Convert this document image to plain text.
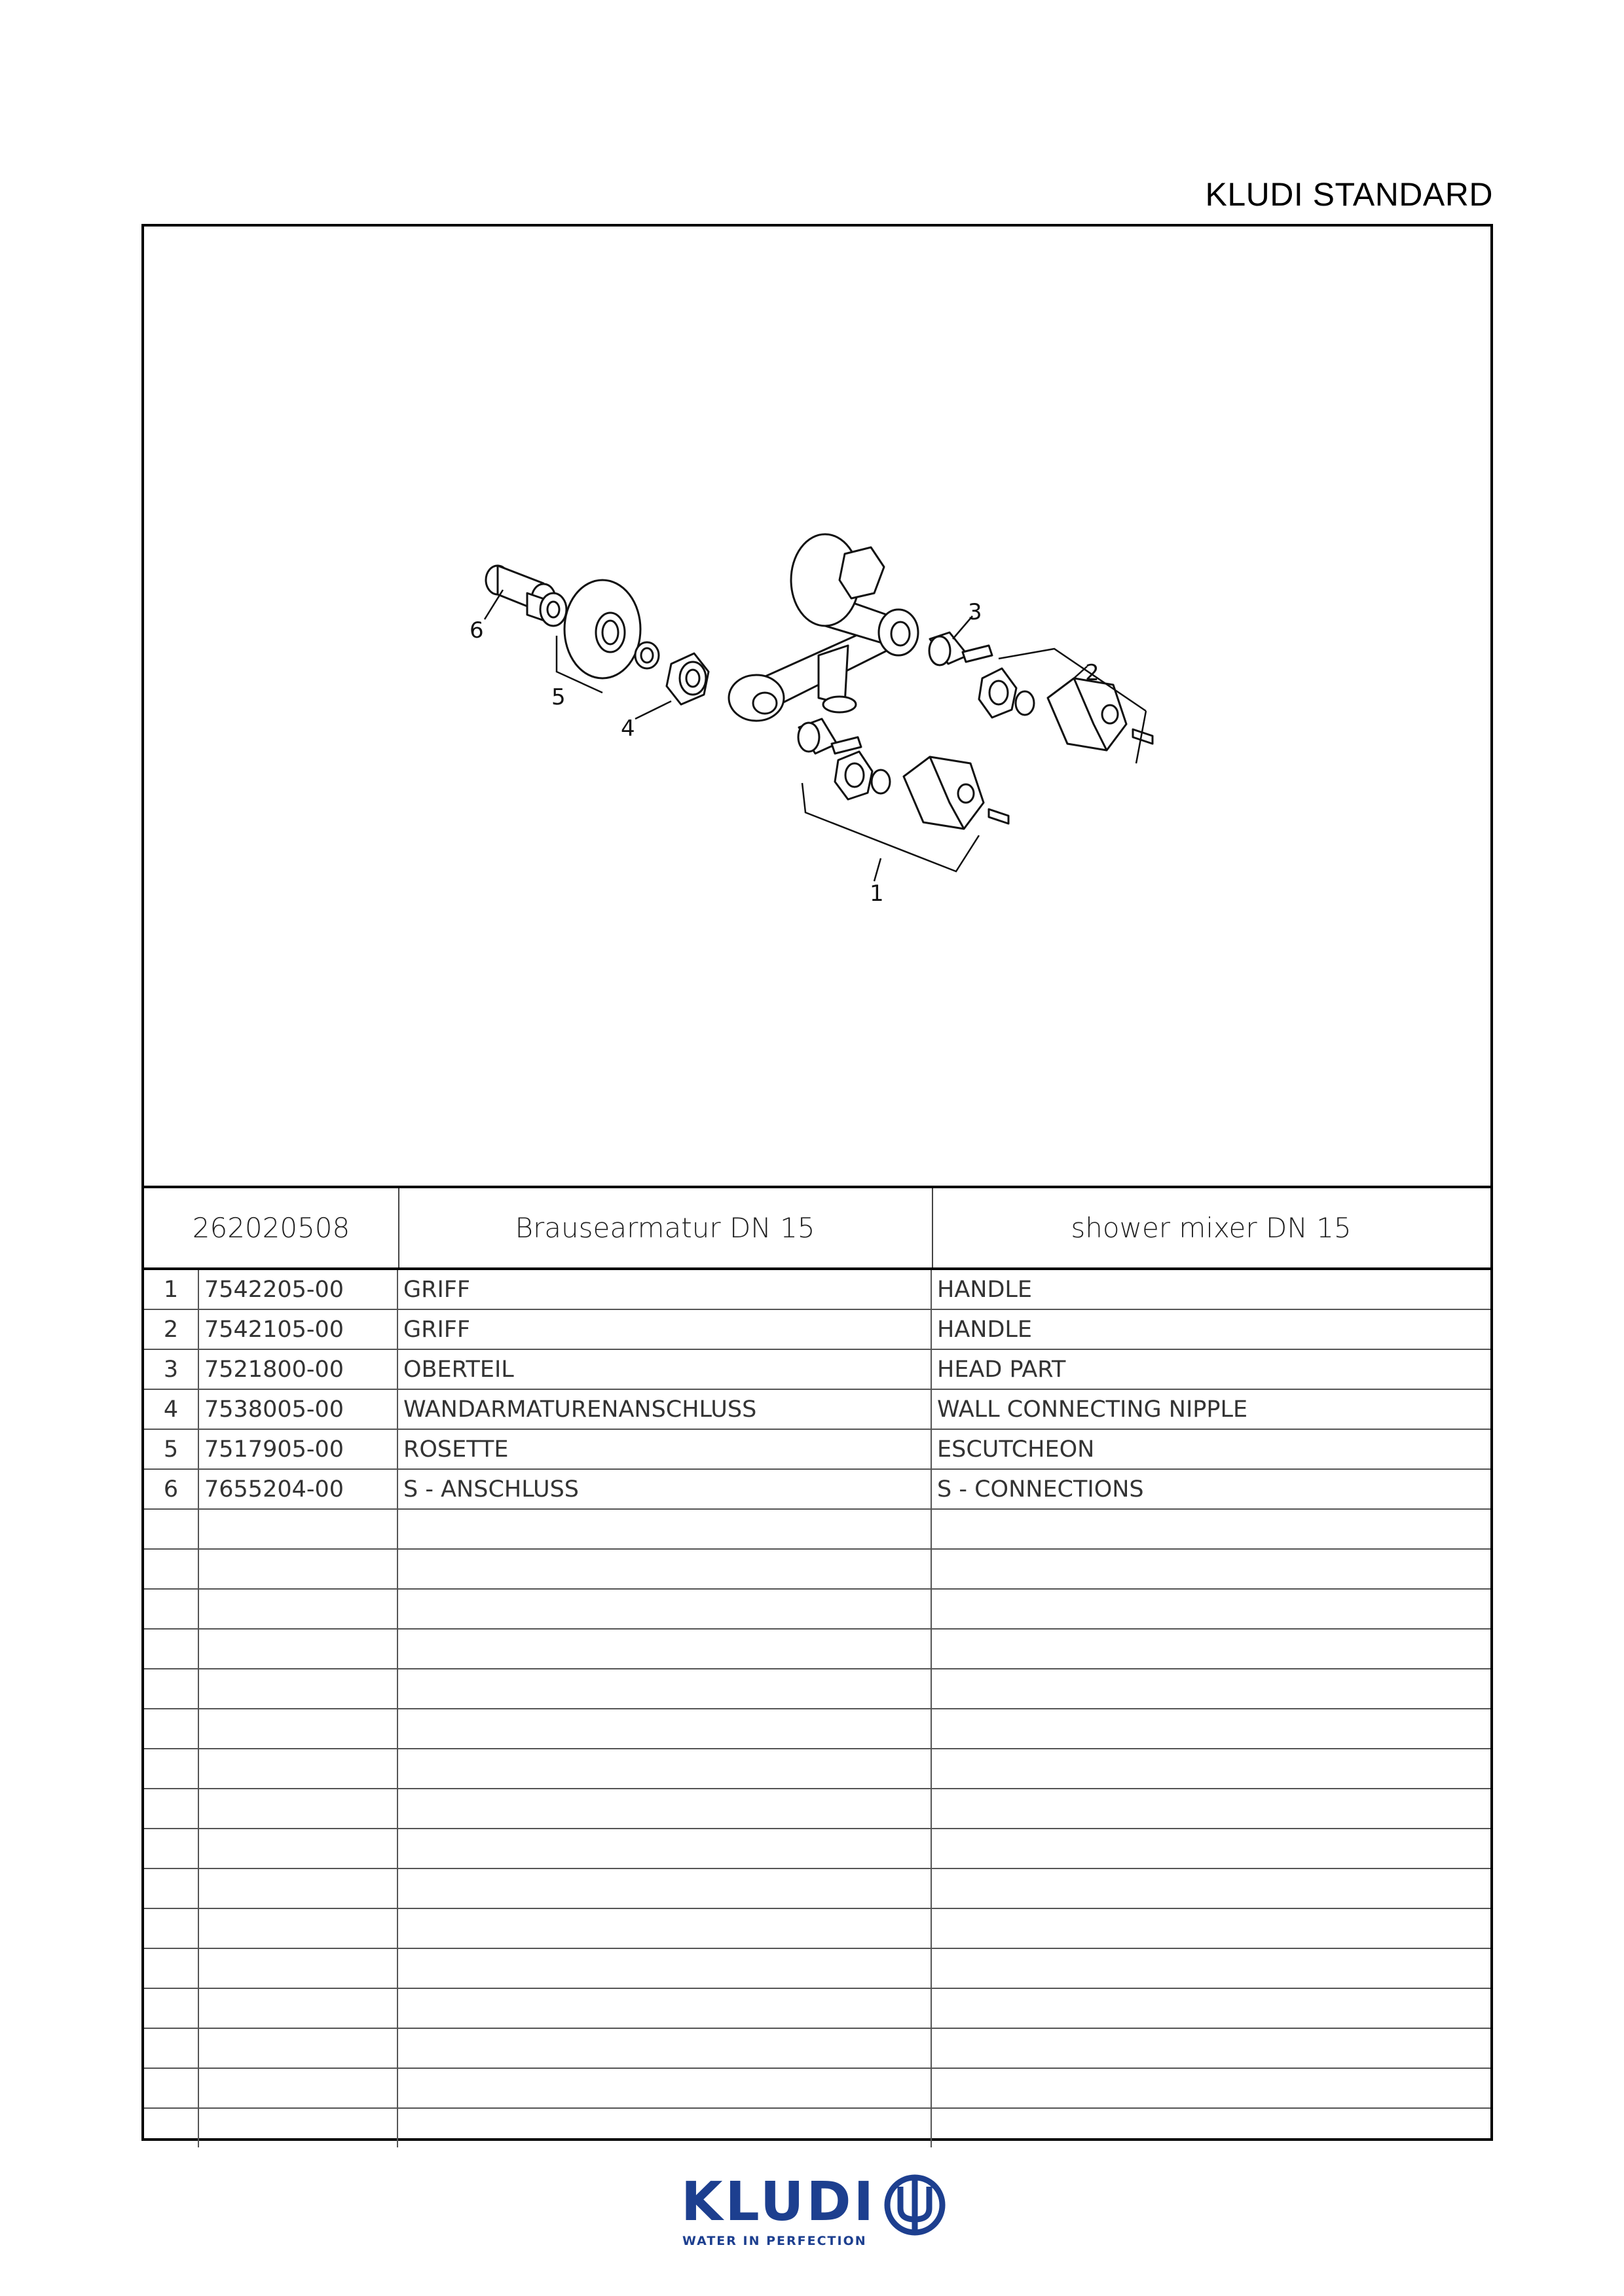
KLUDI STANDARD
6
5
4
3
2
1
262020508	Brausearmatur DN 15	shower mixer DN 15
1	7542205-00	GRIFF	HANDLE
2	7542105-00	GRIFF	HANDLE
3	7521800-00	OBERTEIL	HEAD PART
4	7538005-00	WANDARMATURENANSCHLUSS	WALL CONNECTING NIPPLE
5	7517905-00	ROSETTE	ESCUTCHEON
6	7655204-00	S - ANSCHLUSS	S - CONNECTIONS
KLUDI
WATER IN PERFECTION
